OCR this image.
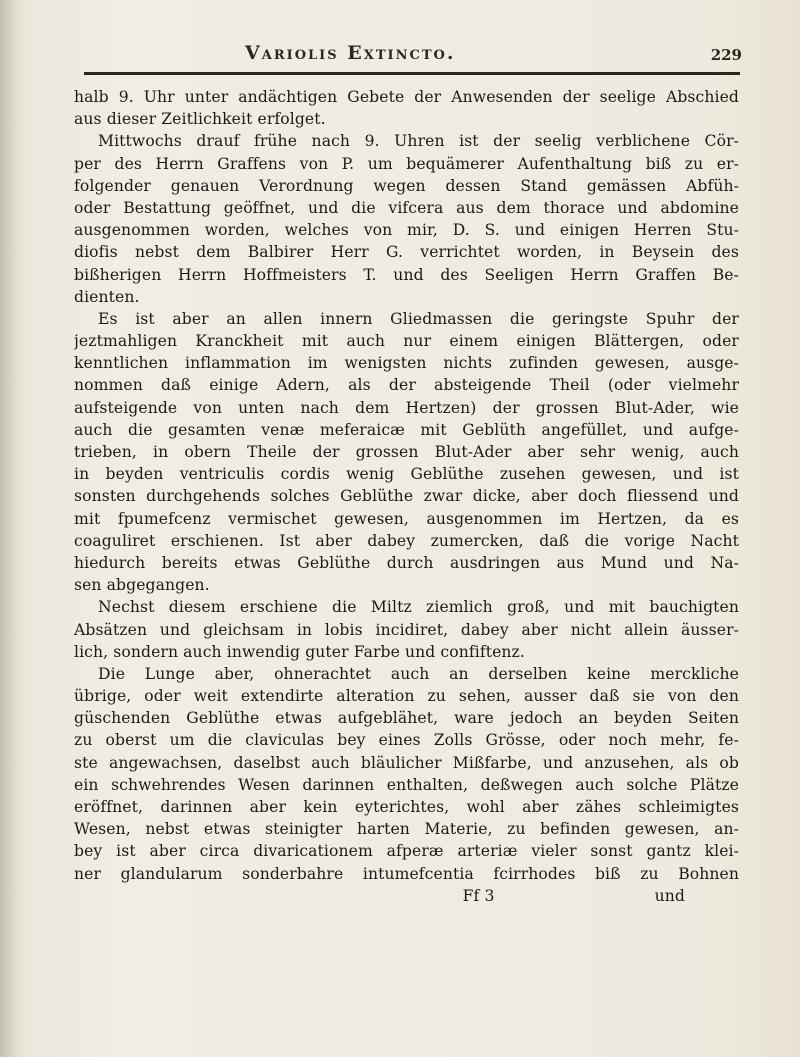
Variolis Extincto.	229
halb 9. Uhr unter andächtigen Gebete der Anwesenden der seelige Abschied
aus dieser Zeitlichkeit erfolget.
Mittwochs drauf frühe nach 9. Uhren ist der seelig verblichene Cör-
per des Herrn Graffens von P. um bequämerer Aufenthaltung biß zu er-
folgender genauen Verordnung wegen dessen Stand gemässen Abfüh-
oder Bestattung geöffnet, und die vifcera aus dem thorace und abdomine
ausgenommen worden, welches von mir, D. S. und einigen Herren Stu-
diofis nebst dem Balbirer Herr G. verrichtet worden, in Beysein des
bißherigen Herrn Hoffmeisters T. und des Seeligen Herrn Graffen Be-
dienten.
Es ist aber an allen innern Gliedmassen die geringste Spuhr der
jeztmahligen Kranckheit mit auch nur einem einigen Blättergen, oder
kenntlichen inflammation im wenigsten nichts zufinden gewesen, ausge-
nommen daß einige Adern, als der absteigende Theil (oder vielmehr
aufsteigende von unten nach dem Hertzen) der grossen Blut-Ader, wie
auch die gesamten venæ meferaicæ mit Geblüth angefüllet, und aufge-
trieben, in obern Theile der grossen Blut-Ader aber sehr wenig, auch
in beyden ventriculis cordis wenig Geblüthe zusehen gewesen, und ist
sonsten durchgehends solches Geblüthe zwar dicke, aber doch fliessend und
mit fpumefcenz vermischet gewesen, ausgenommen im Hertzen, da es
coaguliret erschienen. Ist aber dabey zumercken, daß die vorige Nacht
hiedurch bereits etwas Geblüthe durch ausdringen aus Mund und Na-
sen abgegangen.
Nechst diesem erschiene die Miltz ziemlich groß, und mit bauchigten
Absätzen und gleichsam in lobis incidiret, dabey aber nicht allein äusser-
lich, sondern auch inwendig guter Farbe und confiftenz.
Die Lunge aber, ohnerachtet auch an derselben keine merckliche
übrige, oder weit extendirte alteration zu sehen, ausser daß sie von den
güschenden Geblüthe etwas aufgeblähet, ware jedoch an beyden Seiten
zu oberst um die claviculas bey eines Zolls Grösse, oder noch mehr, fe-
ste angewachsen, daselbst auch bläulicher Mißfarbe, und anzusehen, als ob
ein schwehrendes Wesen darinnen enthalten, deßwegen auch solche Plätze
eröffnet, darinnen aber kein eyterichtes, wohl aber zähes schleimigtes
Wesen, nebst etwas steinigter harten Materie, zu befinden gewesen, an-
bey ist aber circa divaricationem afperæ arteriæ vieler sonst gantz klei-
ner glandularum sonderbahre intumefcentia fcirrhodes biß zu Bohnen
Ff 3	und
